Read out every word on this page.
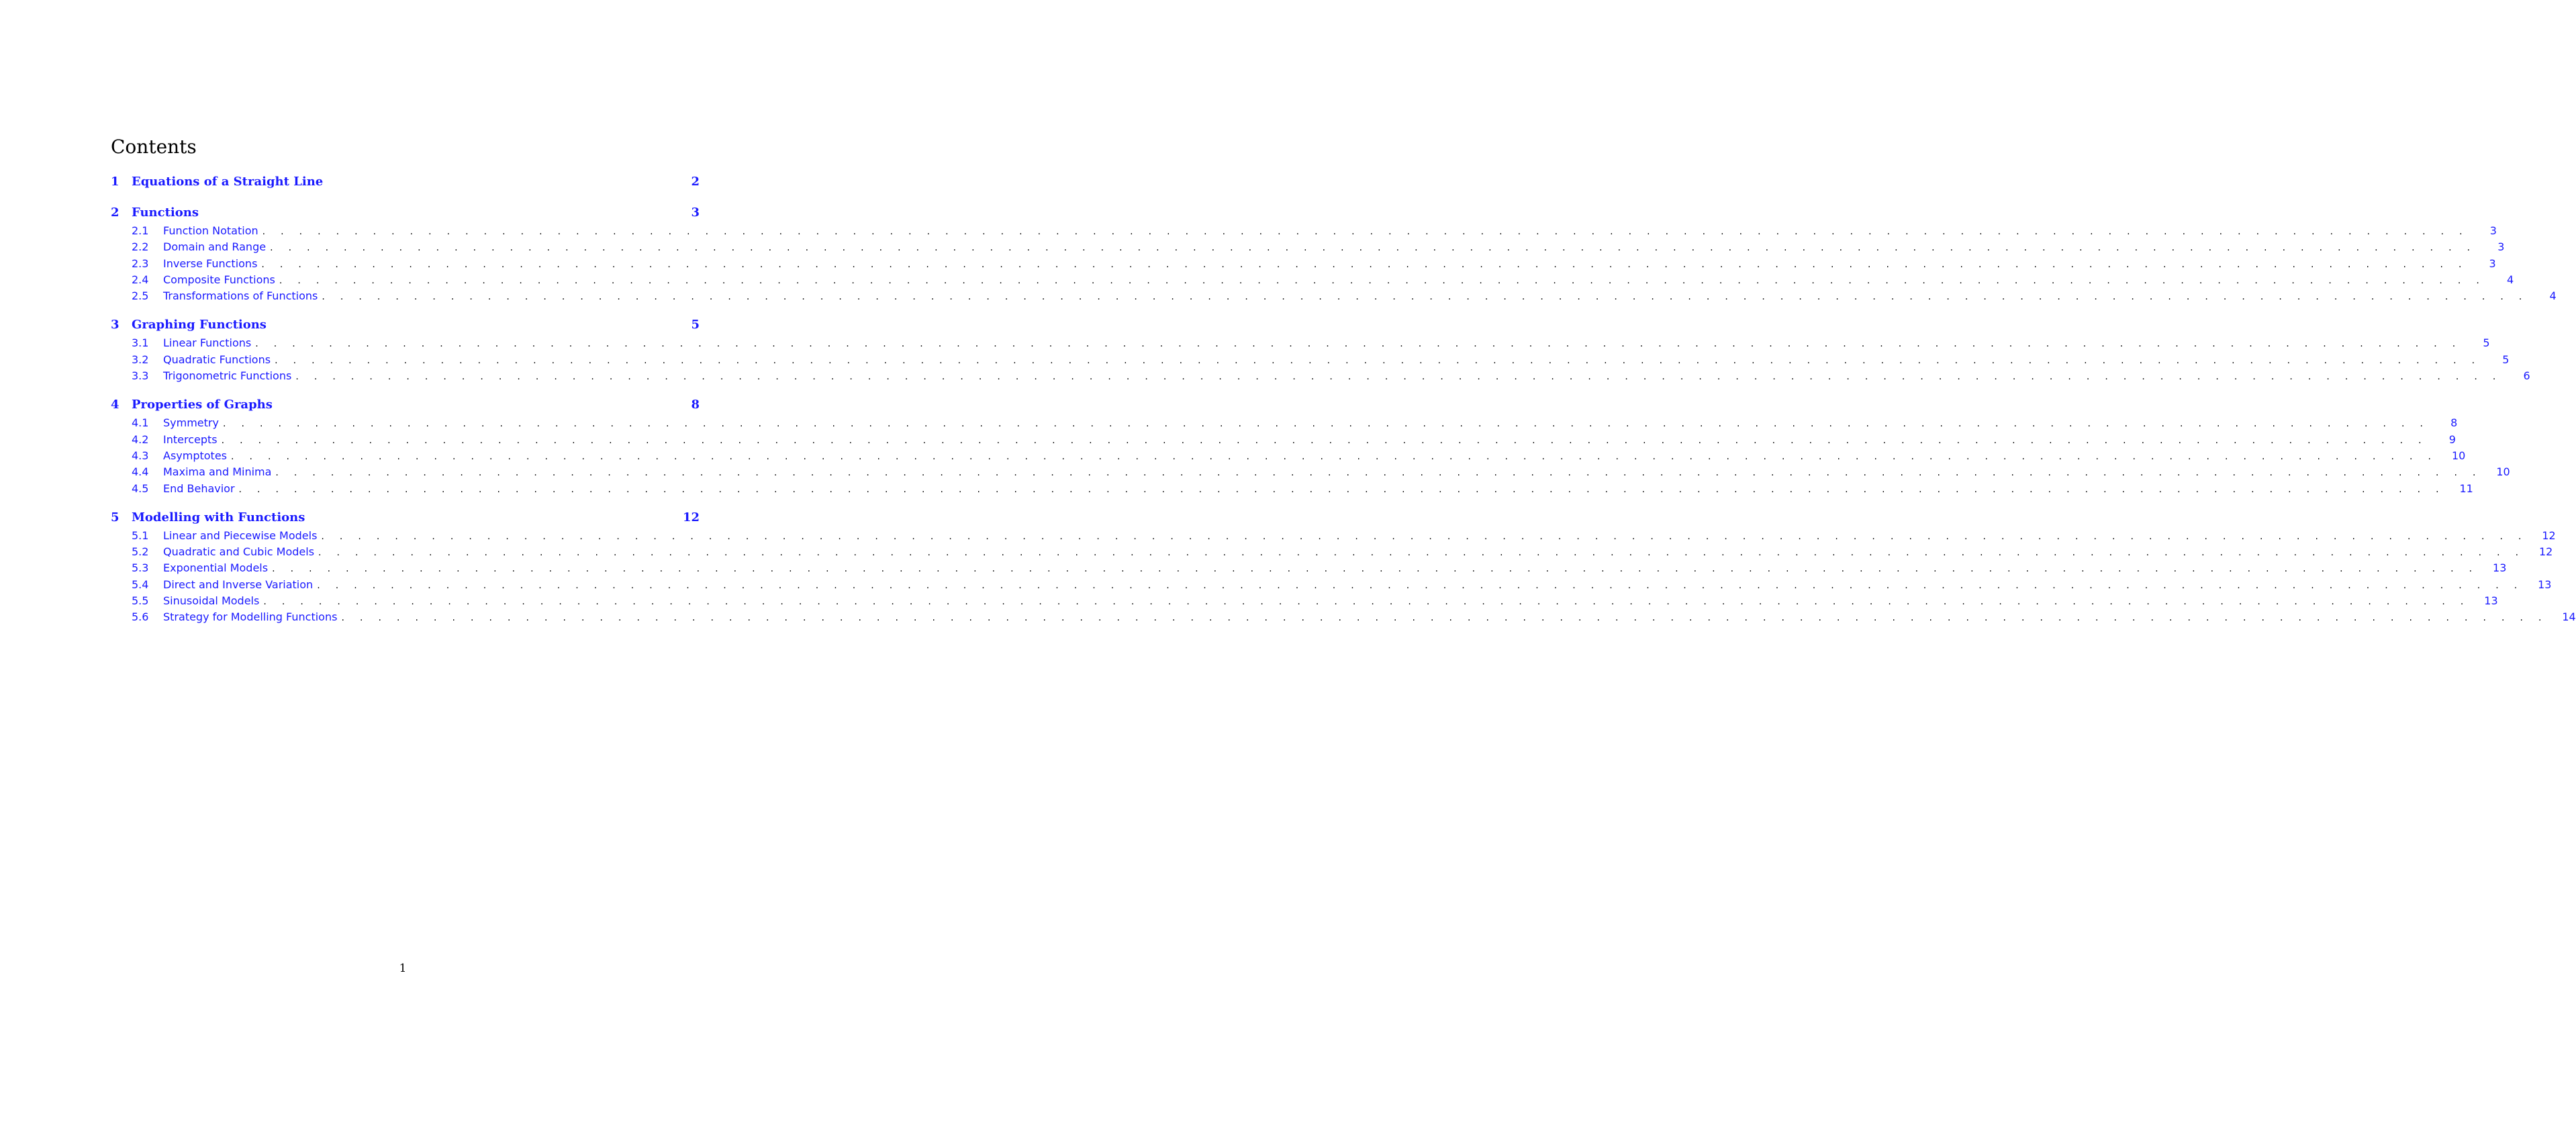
Contents
1	Equations of a Straight Line	2
2	Functions	3
2.1	Function Notation . . . . . . . . . . . . . . . . . . . . . . . . . . . . . . . . . . . . . . . . . . . . . . . . . . . . . . . . . . . . . . . . . . . . . . . . . . . . . . . . . . . . . . . . . . . . . . . . . . . . . . . . . . . . . . . . . . . . . . . .	3
2.2	Domain and Range . . . . . . . . . . . . . . . . . . . . . . . . . . . . . . . . . . . . . . . . . . . . . . . . . . . . . . . . . . . . . . . . . . . . . . . . . . . . . . . . . . . . . . . . . . . . . . . . . . . . . . . . . . . . . . . . . . . . . . . .	3
2.3	Inverse Functions . . . . . . . . . . . . . . . . . . . . . . . . . . . . . . . . . . . . . . . . . . . . . . . . . . . . . . . . . . . . . . . . . . . . . . . . . . . . . . . . . . . . . . . . . . . . . . . . . . . . . . . . . . . . . . . . . . . . . . . .	3
2.4	Composite Functions . . . . . . . . . . . . . . . . . . . . . . . . . . . . . . . . . . . . . . . . . . . . . . . . . . . . . . . . . . . . . . . . . . . . . . . . . . . . . . . . . . . . . . . . . . . . . . . . . . . . . . . . . . . . . . . . . . . . . . . .	4
2.5	Transformations of Functions . . . . . . . . . . . . . . . . . . . . . . . . . . . . . . . . . . . . . . . . . . . . . . . . . . . . . . . . . . . . . . . . . . . . . . . . . . . . . . . . . . . . . . . . . . . . . . . . . . . . . . . . . . . . . . . . . . . . . . . .	4
3	Graphing Functions	5
3.1	Linear Functions . . . . . . . . . . . . . . . . . . . . . . . . . . . . . . . . . . . . . . . . . . . . . . . . . . . . . . . . . . . . . . . . . . . . . . . . . . . . . . . . . . . . . . . . . . . . . . . . . . . . . . . . . . . . . . . . . . . . . . . .	5
3.2	Quadratic Functions . . . . . . . . . . . . . . . . . . . . . . . . . . . . . . . . . . . . . . . . . . . . . . . . . . . . . . . . . . . . . . . . . . . . . . . . . . . . . . . . . . . . . . . . . . . . . . . . . . . . . . . . . . . . . . . . . . . . . . . .	5
3.3	Trigonometric Functions . . . . . . . . . . . . . . . . . . . . . . . . . . . . . . . . . . . . . . . . . . . . . . . . . . . . . . . . . . . . . . . . . . . . . . . . . . . . . . . . . . . . . . . . . . . . . . . . . . . . . . . . . . . . . . . . . . . . . . . .	6
4	Properties of Graphs	8
4.1	Symmetry . . . . . . . . . . . . . . . . . . . . . . . . . . . . . . . . . . . . . . . . . . . . . . . . . . . . . . . . . . . . . . . . . . . . . . . . . . . . . . . . . . . . . . . . . . . . . . . . . . . . . . . . . . . . . . . . . . . . . . . .	8
4.2	Intercepts . . . . . . . . . . . . . . . . . . . . . . . . . . . . . . . . . . . . . . . . . . . . . . . . . . . . . . . . . . . . . . . . . . . . . . . . . . . . . . . . . . . . . . . . . . . . . . . . . . . . . . . . . . . . . . . . . . . . . . . .	9
4.3	Asymptotes . . . . . . . . . . . . . . . . . . . . . . . . . . . . . . . . . . . . . . . . . . . . . . . . . . . . . . . . . . . . . . . . . . . . . . . . . . . . . . . . . . . . . . . . . . . . . . . . . . . . . . . . . . . . . . . . . . . . . . . .	10
4.4	Maxima and Minima . . . . . . . . . . . . . . . . . . . . . . . . . . . . . . . . . . . . . . . . . . . . . . . . . . . . . . . . . . . . . . . . . . . . . . . . . . . . . . . . . . . . . . . . . . . . . . . . . . . . . . . . . . . . . . . . . . . . . . . .	10
4.5	End Behavior . . . . . . . . . . . . . . . . . . . . . . . . . . . . . . . . . . . . . . . . . . . . . . . . . . . . . . . . . . . . . . . . . . . . . . . . . . . . . . . . . . . . . . . . . . . . . . . . . . . . . . . . . . . . . . . . . . . . . . . .	11
5	Modelling with Functions	12
5.1	Linear and Piecewise Models . . . . . . . . . . . . . . . . . . . . . . . . . . . . . . . . . . . . . . . . . . . . . . . . . . . . . . . . . . . . . . . . . . . . . . . . . . . . . . . . . . . . . . . . . . . . . . . . . . . . . . . . . . . . . . . . . . . . . . . .	12
5.2	Quadratic and Cubic Models . . . . . . . . . . . . . . . . . . . . . . . . . . . . . . . . . . . . . . . . . . . . . . . . . . . . . . . . . . . . . . . . . . . . . . . . . . . . . . . . . . . . . . . . . . . . . . . . . . . . . . . . . . . . . . . . . . . . . . . .	12
5.3	Exponential Models . . . . . . . . . . . . . . . . . . . . . . . . . . . . . . . . . . . . . . . . . . . . . . . . . . . . . . . . . . . . . . . . . . . . . . . . . . . . . . . . . . . . . . . . . . . . . . . . . . . . . . . . . . . . . . . . . . . . . . . .	13
5.4	Direct and Inverse Variation . . . . . . . . . . . . . . . . . . . . . . . . . . . . . . . . . . . . . . . . . . . . . . . . . . . . . . . . . . . . . . . . . . . . . . . . . . . . . . . . . . . . . . . . . . . . . . . . . . . . . . . . . . . . . . . . . . . . . . . .	13
5.5	Sinusoidal Models . . . . . . . . . . . . . . . . . . . . . . . . . . . . . . . . . . . . . . . . . . . . . . . . . . . . . . . . . . . . . . . . . . . . . . . . . . . . . . . . . . . . . . . . . . . . . . . . . . . . . . . . . . . . . . . . . . . . . . . .	13
5.6	Strategy for Modelling Functions . . . . . . . . . . . . . . . . . . . . . . . . . . . . . . . . . . . . . . . . . . . . . . . . . . . . . . . . . . . . . . . . . . . . . . . . . . . . . . . . . . . . . . . . . . . . . . . . . . . . . . . . . . . . . . . . . . . . . . . .	14
1
